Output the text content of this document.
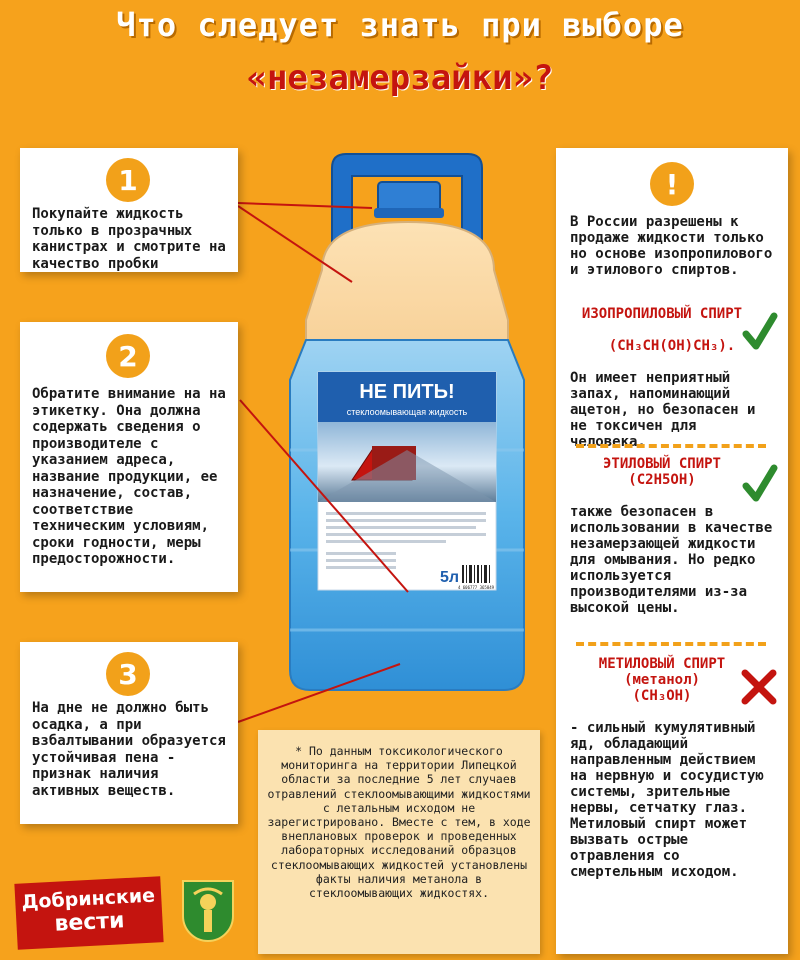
Что следует знать при выборе
«незамерзайки»?
НЕ ПИТЬ!
стеклоомывающая жидкость
5л
4 606777 365849
1
Покупайте жидкость только в прозрачных канистрах и смотрите на качество пробки
2
Обратите внимание на на этикетку. Она должна содержать сведения о производителе с указанием адреса, название продукции, ее назначение, состав, соответствие техническим условиям, сроки годности, меры предосторожности.
3
На дне не должно быть осадка, а при взбалтывании образуется устойчивая пена - признак наличия активных веществ.
!
В России разрешены к продаже жидкости только но основе изопропилового и этилового спиртов.
ИЗОПРОПИЛОВЫЙ СПИРТ
(CH₃CH(OH)CH₃).
Он имеет неприятный запах, напоминающий ацетон, но безопасен и не токсичен для человека.
ЭТИЛОВЫЙ СПИРТ
(C2H5OH)
также безопасен в использовании в качестве незамерзающей жидкости для омывания. Но редко используется производителями из-за высокой цены.
МЕТИЛОВЫЙ СПИРТ
(метанол)
(CH₃OH)
- сильный кумулятивный яд, обладающий направленным действием на нервную и сосудистую системы, зрительные нервы, сетчатку глаз. Метиловый спирт может вызвать острые отравления со смертельным исходом.
* По данным токсикологического мониторинга на территории Липецкой области за последние 5 лет случаев отравлений стеклоомывающими жидкостями с летальным исходом не зарегистрировано. Вместе с тем, в ходе внеплановых проверок и проведенных лабораторных исследований образцов стеклоомывающих жидкостей установлены факты наличия метанола в стеклоомывающих жидкостях.
Добринские
вести
